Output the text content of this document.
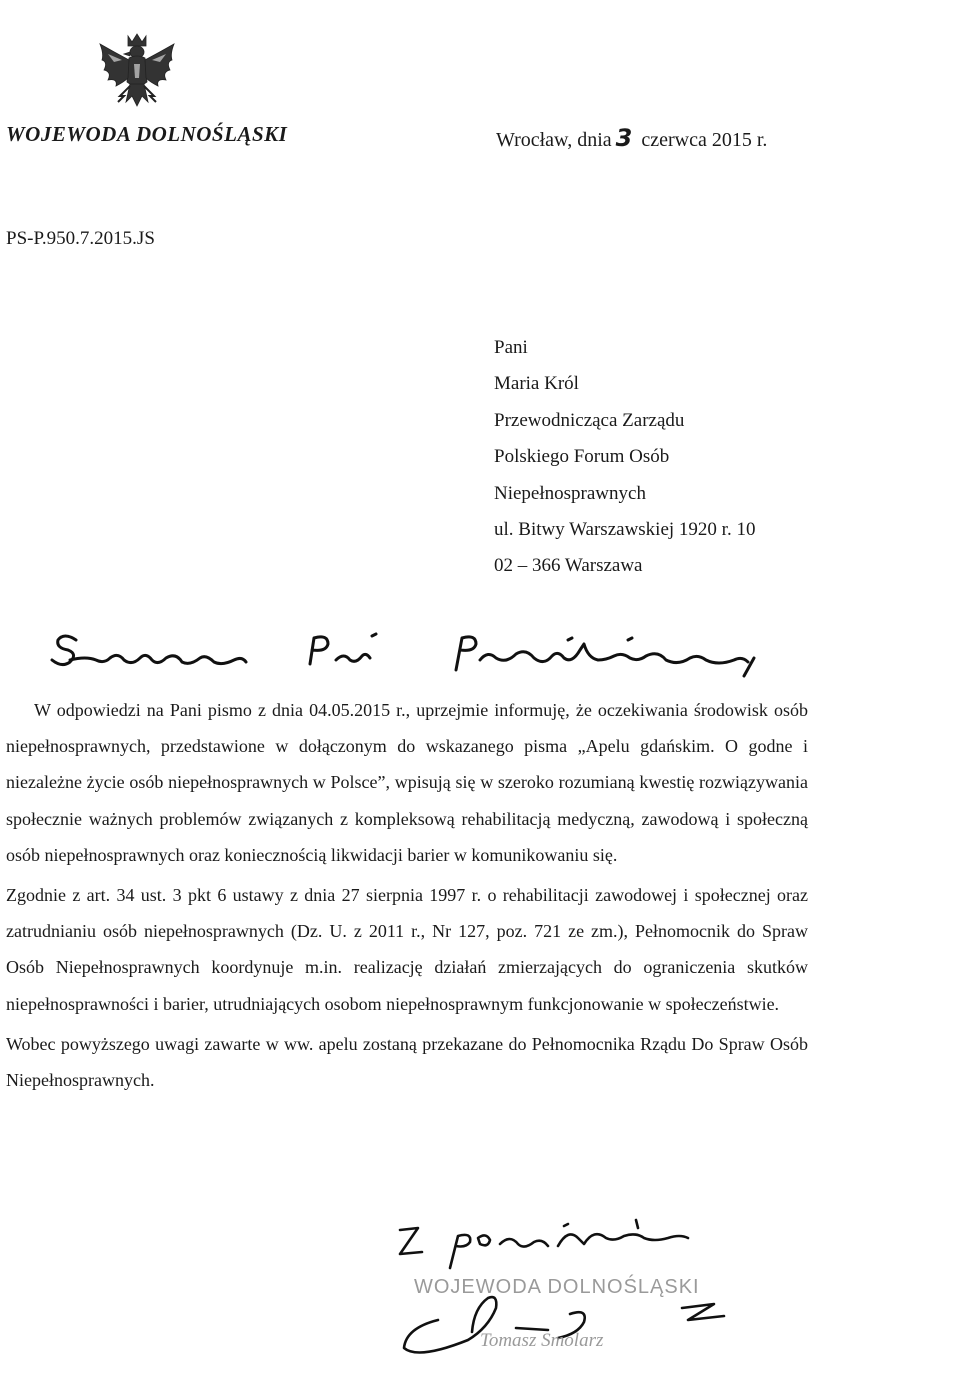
WOJEWODA DOLNOŚLĄSKI	Wrocław, dnia 3 czerwca 2015 r.
PS-P.950.7.2015.JS
Pani
Maria Król
Przewodnicząca Zarządu
Polskiego Forum Osób
Niepełnosprawnych
ul. Bitwy Warszawskiej 1920 r. 10
02 – 366 Warszawa

W odpowiedzi na Pani pismo z dnia 04.05.2015 r., uprzejmie informuję, że oczekiwania środowisk osób niepełnosprawnych, przedstawione w dołączonym do wskazanego pisma „Apelu gdańskim. O godne i niezależne życie osób niepełnosprawnych w Polsce”, wpisują się w szeroko rozumianą kwestię rozwiązywania społecznie ważnych problemów związanych z kompleksową rehabilitacją medyczną, zawodową i społeczną osób niepełnosprawnych oraz koniecznością likwidacji barier w komunikowaniu się.

Zgodnie z art. 34 ust. 3 pkt 6 ustawy z dnia 27 sierpnia 1997 r. o rehabilitacji zawodowej i społecznej oraz zatrudnianiu osób niepełnosprawnych (Dz. U. z 2011 r., Nr 127, poz. 721 ze zm.), Pełnomocnik do Spraw Osób Niepełnosprawnych koordynuje m.in. realizację działań zmierzających do ograniczenia skutków niepełnosprawności i barier, utrudniających osobom niepełnosprawnym funkcjonowanie w społeczeństwie.

Wobec powyższego uwagi zawarte w ww. apelu zostaną przekazane do Pełnomocnika Rządu Do Spraw Osób Niepełnosprawnych.

WOJEWODA DOLNOŚLĄSKI
Tomasz Smolarz
